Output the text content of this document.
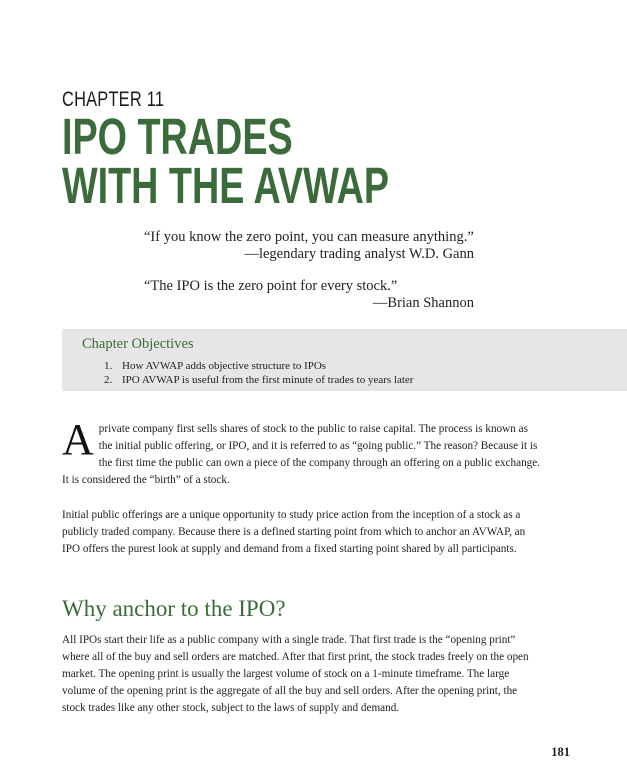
CHAPTER 11
IPO TRADES
WITH THE AVWAP
“If you know the zero point, you can measure anything.”
—legendary trading analyst W.D. Gann
“The IPO is the zero point for every stock.”
—Brian Shannon
Chapter Objectives
1. How AVWAP adds objective structure to IPOs
2. IPO AVWAP is useful from the first minute of trades to years later
A private company first sells shares of stock to the public to raise capital. The process is known as the initial public offering, or IPO, and it is referred to as “going public.” The reason? Because it is the first time the public can own a piece of the company through an offering on a public exchange. It is considered the “birth” of a stock.

Initial public offerings are a unique opportunity to study price action from the inception of a stock as a publicly traded company. Because there is a defined starting point from which to anchor an AVWAP, an IPO offers the purest look at supply and demand from a fixed starting point shared by all participants.

Why anchor to the IPO?

All IPOs start their life as a public company with a single trade. That first trade is the “opening print” where all of the buy and sell orders are matched. After that first print, the stock trades freely on the open market. The opening print is usually the largest volume of stock on a 1-minute timeframe. The large volume of the opening print is the aggregate of all the buy and sell orders. After the opening print, the stock trades like any other stock, subject to the laws of supply and demand.

181
